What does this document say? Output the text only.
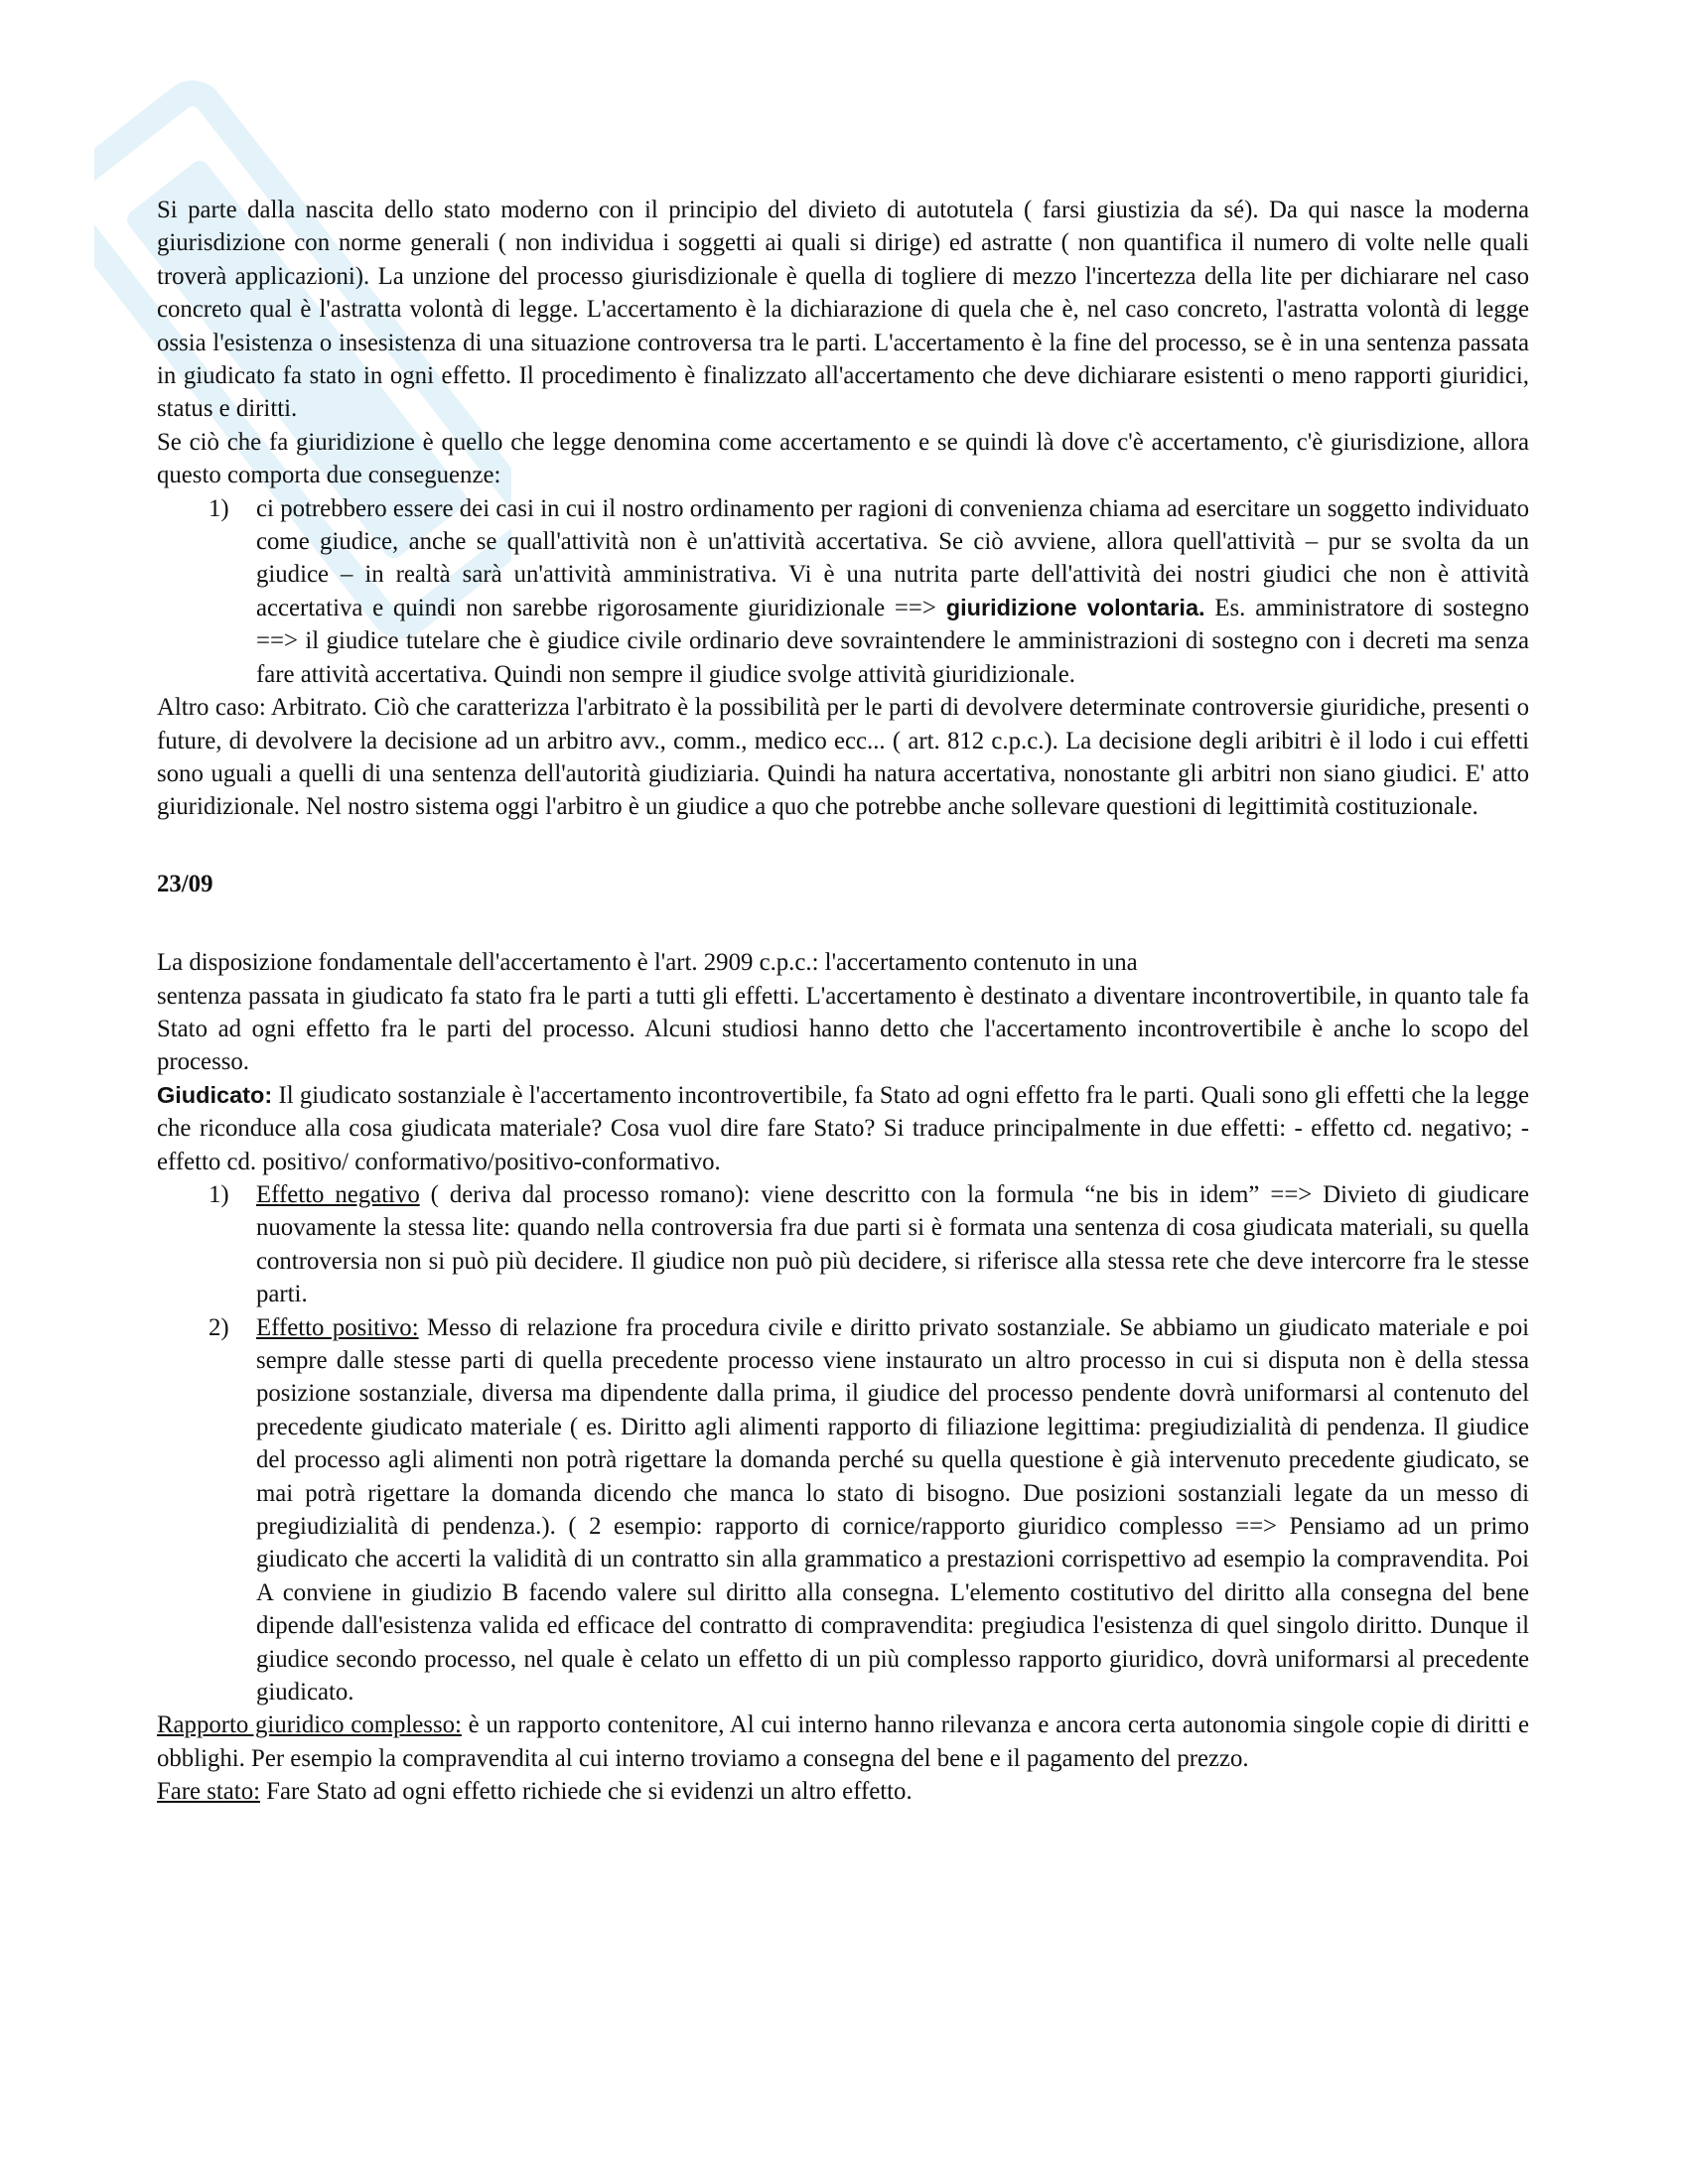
Si parte dalla nascita dello stato moderno con il principio del divieto di autotutela ( farsi giustizia da sé). Da qui nasce la moderna giurisdizione con norme generali ( non individua i soggetti ai quali si dirige) ed astratte ( non quantifica il numero di volte nelle quali troverà applicazioni). La unzione del processo giurisdizionale è quella di togliere di mezzo l'incertezza della lite per dichiarare nel caso concreto qual è l'astratta volontà di legge. L'accertamento è la dichiarazione di quela che è, nel caso concreto, l'astratta volontà di legge ossia l'esistenza o insesistenza di una situazione controversa tra le parti. L'accertamento è la fine del processo, se è in una sentenza passata in giudicato fa stato in ogni effetto. Il procedimento è finalizzato all'accertamento che deve dichiarare esistenti o meno rapporti giuridici, status e diritti.

Se ciò che fa giuridizione è quello che legge denomina come accertamento e se quindi là dove c'è accertamento, c'è giurisdizione, allora questo comporta due conseguenze:

1) ci potrebbero essere dei casi in cui il nostro ordinamento per ragioni di convenienza chiama ad esercitare un soggetto individuato come giudice, anche se quall'attività non è un'attività accertativa. Se ciò avviene, allora quell'attività – pur se svolta da un giudice – in realtà sarà un'attività amministrativa. Vi è una nutrita parte dell'attività dei nostri giudici che non è attività accertativa e quindi non sarebbe rigorosamente giuridizionale ==> giuridizione volontaria. Es. amministratore di sostegno ==> il giudice tutelare che è giudice civile ordinario deve sovraintendere le amministrazioni di sostegno con i decreti ma senza fare attività accertativa. Quindi non sempre il giudice svolge attività giuridizionale.

Altro caso: Arbitrato. Ciò che caratterizza l'arbitrato è la possibilità per le parti di devolvere determinate controversie giuridiche, presenti o future, di devolvere la decisione ad un arbitro avv., comm., medico ecc... ( art. 812 c.p.c.). La decisione degli aribitri è il lodo i cui effetti sono uguali a quelli di una sentenza dell'autorità giudiziaria. Quindi ha natura accertativa, nonostante gli arbitri non siano giudici. E' atto giuridizionale. Nel nostro sistema oggi l'arbitro è un giudice a quo che potrebbe anche sollevare questioni di legittimità costituzionale.

23/09

La disposizione fondamentale dell'accertamento è l'art. 2909 c.p.c.: l'accertamento contenuto in una

sentenza passata in giudicato fa stato fra le parti a tutti gli effetti. L'accertamento è destinato a diventare incontrovertibile, in quanto tale fa Stato ad ogni effetto fra le parti del processo. Alcuni studiosi hanno detto che l'accertamento incontrovertibile è anche lo scopo del processo.

Giudicato: Il giudicato sostanziale è l'accertamento incontrovertibile, fa Stato ad ogni effetto fra le parti. Quali sono gli effetti che la legge che riconduce alla cosa giudicata materiale? Cosa vuol dire fare Stato? Si traduce principalmente in due effetti: - effetto cd. negativo; - effetto cd. positivo/ conformativo/positivo-conformativo.

1) Effetto negativo ( deriva dal processo romano): viene descritto con la formula “ne bis in idem” ==> Divieto di giudicare nuovamente la stessa lite: quando nella controversia fra due parti si è formata una sentenza di cosa giudicata materiali, su quella controversia non si può più decidere. Il giudice non può più decidere, si riferisce alla stessa rete che deve intercorre fra le stesse parti.
2) Effetto positivo: Messo di relazione fra procedura civile e diritto privato sostanziale. Se abbiamo un giudicato materiale e poi sempre dalle stesse parti di quella precedente processo viene instaurato un altro processo in cui si disputa non è della stessa posizione sostanziale, diversa ma dipendente dalla prima, il giudice del processo pendente dovrà uniformarsi al contenuto del precedente giudicato materiale ( es. Diritto agli alimenti rapporto di filiazione legittima: pregiudizialità di pendenza. Il giudice del processo agli alimenti non potrà rigettare la domanda perché su quella questione è già intervenuto precedente giudicato, se mai potrà rigettare la domanda dicendo che manca lo stato di bisogno. Due posizioni sostanziali legate da un messo di pregiudizialità di pendenza.). ( 2 esempio: rapporto di cornice/rapporto giuridico complesso ==> Pensiamo ad un primo giudicato che accerti la validità di un contratto sin alla grammatico a prestazioni corrispettivo ad esempio la compravendita. Poi A conviene in giudizio B facendo valere sul diritto alla consegna. L'elemento costitutivo del diritto alla consegna del bene dipende dall'esistenza valida ed efficace del contratto di compravendita: pregiudica l'esistenza di quel singolo diritto. Dunque il giudice secondo processo, nel quale è celato un effetto di un più complesso rapporto giuridico, dovrà uniformarsi al precedente giudicato.

Rapporto giuridico complesso: è un rapporto contenitore, Al cui interno hanno rilevanza e ancora certa autonomia singole copie di diritti e obblighi. Per esempio la compravendita al cui interno troviamo a consegna del bene e il pagamento del prezzo.

Fare stato: Fare Stato ad ogni effetto richiede che si evidenzi un altro effetto.
